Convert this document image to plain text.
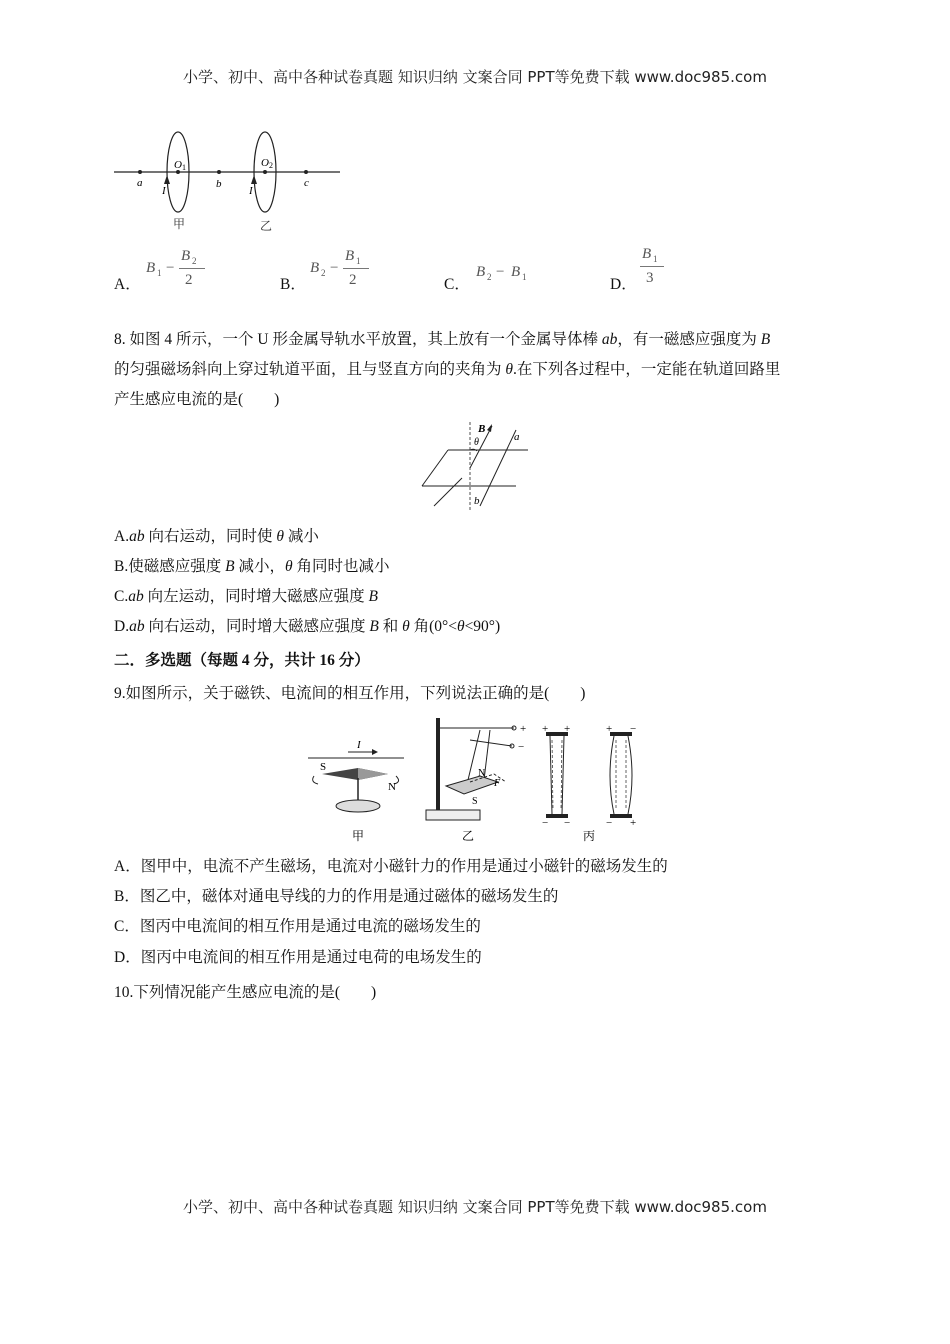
小学、初中、高中各种试卷真题 知识归纳 文案合同 PPT等免费下载 www.doc985.com
a	b	c
O 1	O 2
I	I
甲	乙
A．
B 1 −
B 2
2	B．
B 2 −
B 1
2	C．
B 2 − B 1	D．
B 1
3
8. 如图 4 所示，一个 U 形金属导轨水平放置，其上放有一个金属导体棒 ab，有一磁感应强度为 B
的匀强磁场斜向上穿过轨道平面，且与竖直方向的夹角为 θ.在下列各过程中，一定能在轨道回路里
产生感应电流的是(　　)
B
θ	a
b
A.ab 向右运动，同时使 θ 减小
B.使磁感应强度 B 减小，θ 角同时也减小
C.ab 向左运动，同时增大磁感应强度 B
D.ab 向右运动，同时增大磁感应强度 B 和 θ 角(0°<θ<90°)
二．多选题（每题 4 分，共计 16 分）
9.如图所示，关于磁铁、电流间的相互作用，下列说法正确的是(　　)
I
S
N
甲
+
−
N
S
F
乙
+ +
− −
+ −
− +
丙
A．图甲中，电流不产生磁场，电流对小磁针力的作用是通过小磁针的磁场发生的
B．图乙中，磁体对通电导线的力的作用是通过磁体的磁场发生的
C．图丙中电流间的相互作用是通过电流的磁场发生的
D．图丙中电流间的相互作用是通过电荷的电场发生的
10.下列情况能产生感应电流的是(　　)
小学、初中、高中各种试卷真题 知识归纳 文案合同 PPT等免费下载 www.doc985.com
